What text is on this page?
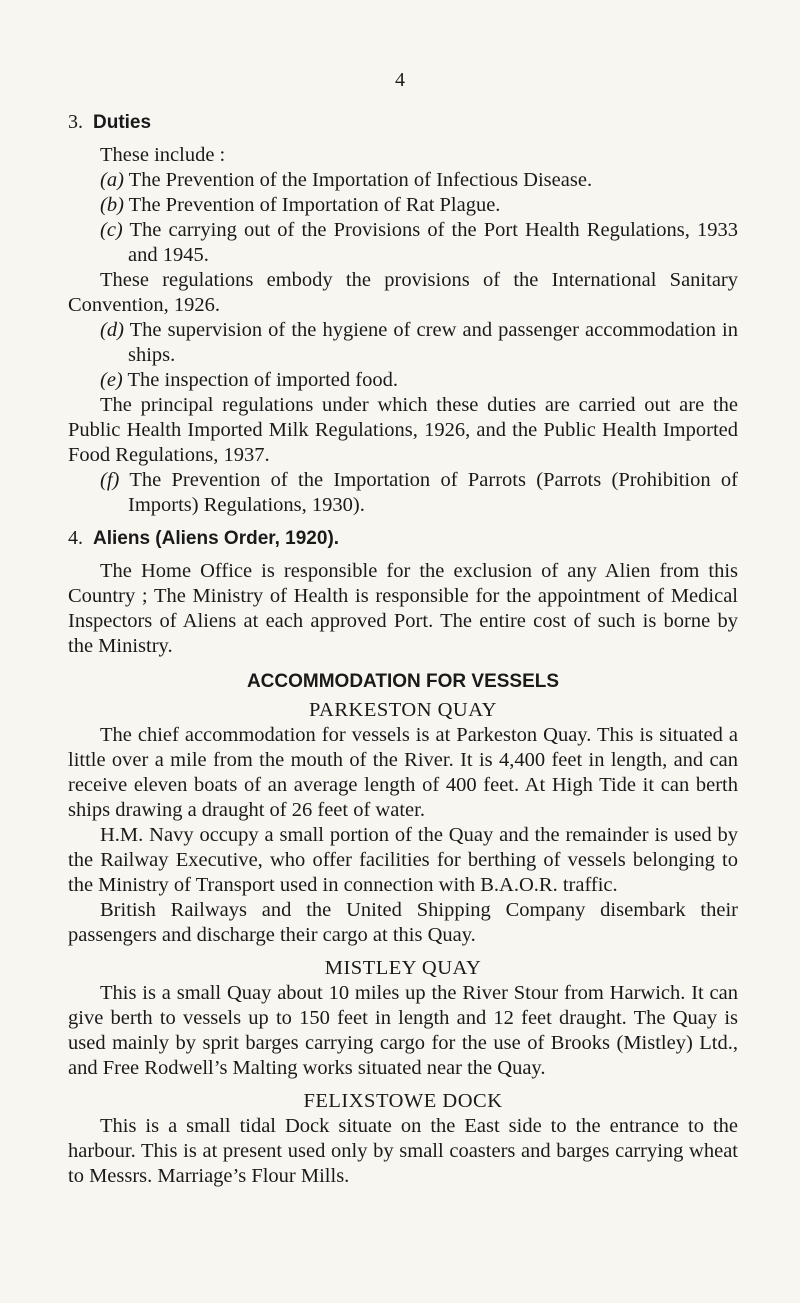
4
3. Duties

These include :

(a) The Prevention of the Importation of Infectious Disease.

(b) The Prevention of Importation of Rat Plague.

(c) The carrying out of the Provisions of the Port Health Regulations, 1933 and 1945.

These regulations embody the provisions of the International Sanitary Convention, 1926.

(d) The supervision of the hygiene of crew and passenger accommodation in ships.

(e) The inspection of imported food.

The principal regulations under which these duties are carried out are the Public Health Imported Milk Regulations, 1926, and the Public Health Imported Food Regulations, 1937.

(f) The Prevention of the Importation of Parrots (Parrots (Prohibition of Imports) Regulations, 1930).

4. Aliens (Aliens Order, 1920).

The Home Office is responsible for the exclusion of any Alien from this Country ; The Ministry of Health is responsible for the appointment of Medical Inspectors of Aliens at each approved Port. The entire cost of such is borne by the Ministry.

ACCOMMODATION FOR VESSELS
PARKESTON QUAY

The chief accommodation for vessels is at Parkeston Quay. This is situated a little over a mile from the mouth of the River. It is 4,400 feet in length, and can receive eleven boats of an average length of 400 feet. At High Tide it can berth ships drawing a draught of 26 feet of water.

H.M. Navy occupy a small portion of the Quay and the remainder is used by the Railway Executive, who offer facilities for berthing of vessels belonging to the Ministry of Transport used in connection with B.A.O.R. traffic.

British Railways and the United Shipping Company disembark their passengers and discharge their cargo at this Quay.

MISTLEY QUAY

This is a small Quay about 10 miles up the River Stour from Harwich. It can give berth to vessels up to 150 feet in length and 12 feet draught. The Quay is used mainly by sprit barges carrying cargo for the use of Brooks (Mistley) Ltd., and Free Rodwell’s Malting works situated near the Quay.

FELIXSTOWE DOCK

This is a small tidal Dock situate on the East side to the entrance to the harbour. This is at present used only by small coasters and barges carrying wheat to Messrs. Marriage’s Flour Mills.
